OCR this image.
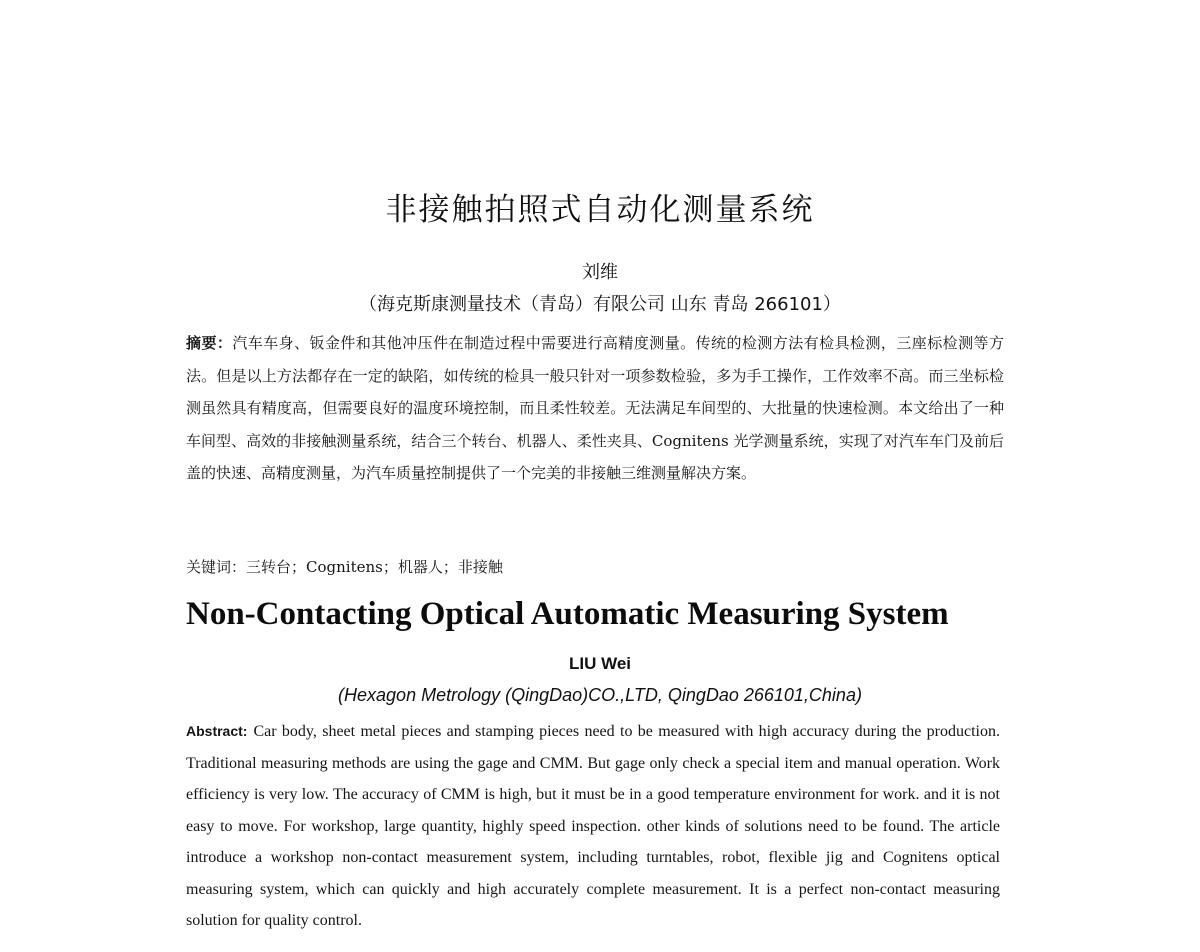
非接触拍照式自动化测量系统
刘维
（海克斯康测量技术（青岛）有限公司 山东 青岛 266101）
摘要：汽车车身、钣金件和其他冲压件在制造过程中需要进行高精度测量。传统的检测方法有检具检测，三座标检测等方法。但是以上方法都存在一定的缺陷，如传统的检具一般只针对一项参数检验，多为手工操作，工作效率不高。而三坐标检测虽然具有精度高，但需要良好的温度环境控制，而且柔性较差。无法满足车间型的、大批量的快速检测。本文给出了一种车间型、高效的非接触测量系统，结合三个转台、机器人、柔性夹具、Cognitens 光学测量系统，实现了对汽车车门及前后盖的快速、高精度测量，为汽车质量控制提供了一个完美的非接触三维测量解决方案。
关键词：三转台；Cognitens；机器人；非接触
Non-Contacting Optical Automatic Measuring System
LIU Wei
(Hexagon Metrology (QingDao)CO.,LTD, QingDao 266101,China)
Abstract: Car body, sheet metal pieces and stamping pieces need to be measured with high accuracy during the production. Traditional measuring methods are using the gage and CMM. But gage only check a special item and manual operation. Work efficiency is very low. The accuracy of CMM is high, but it must be in a good temperature environment for work. and it is not easy to move. For workshop, large quantity, highly speed inspection. other kinds of solutions need to be found. The article introduce a workshop non-contact measurement system, including turntables, robot, flexible jig and Cognitens optical measuring system, which can quickly and high accurately complete measurement. It is a perfect non-contact measuring solution for quality control.
